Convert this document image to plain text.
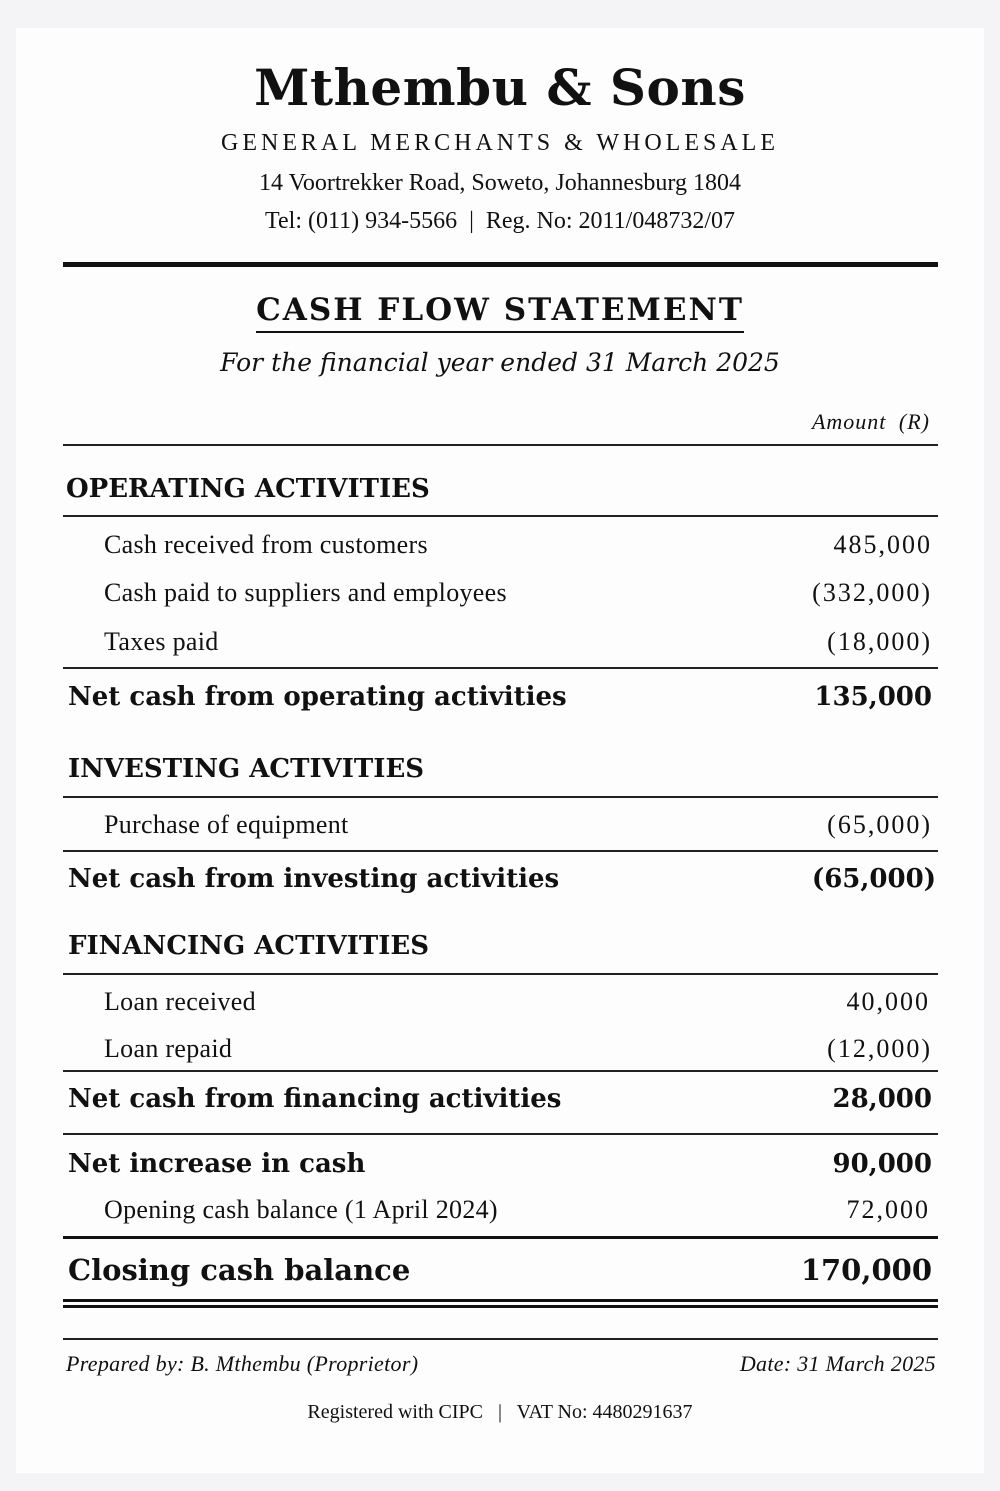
Mthembu & Sons
GENERAL MERCHANTS & WHOLESALE
14 Voortrekker Road, Soweto, Johannesburg 1804
Tel: (011) 934-5566  |  Reg. No: 2011/048732/07
CASH FLOW STATEMENT
For the financial year ended 31 March 2025
Amount (R)
OPERATING ACTIVITIES
Cash received from customers	485,000
Cash paid to suppliers and employees	(332,000)
Taxes paid	(18,000)
Net cash from operating activities	135,000
INVESTING ACTIVITIES
Purchase of equipment	(65,000)
Net cash from investing activities	(65,000)
FINANCING ACTIVITIES
Loan received	40,000
Loan repaid	(12,000)
Net cash from financing activities	28,000
Net increase in cash	90,000
Opening cash balance (1 April 2024)	72,000
Closing cash balance	170,000
Prepared by: B. Mthembu (Proprietor)	Date: 31 March 2025
Registered with CIPC   |   VAT No: 4480291637
